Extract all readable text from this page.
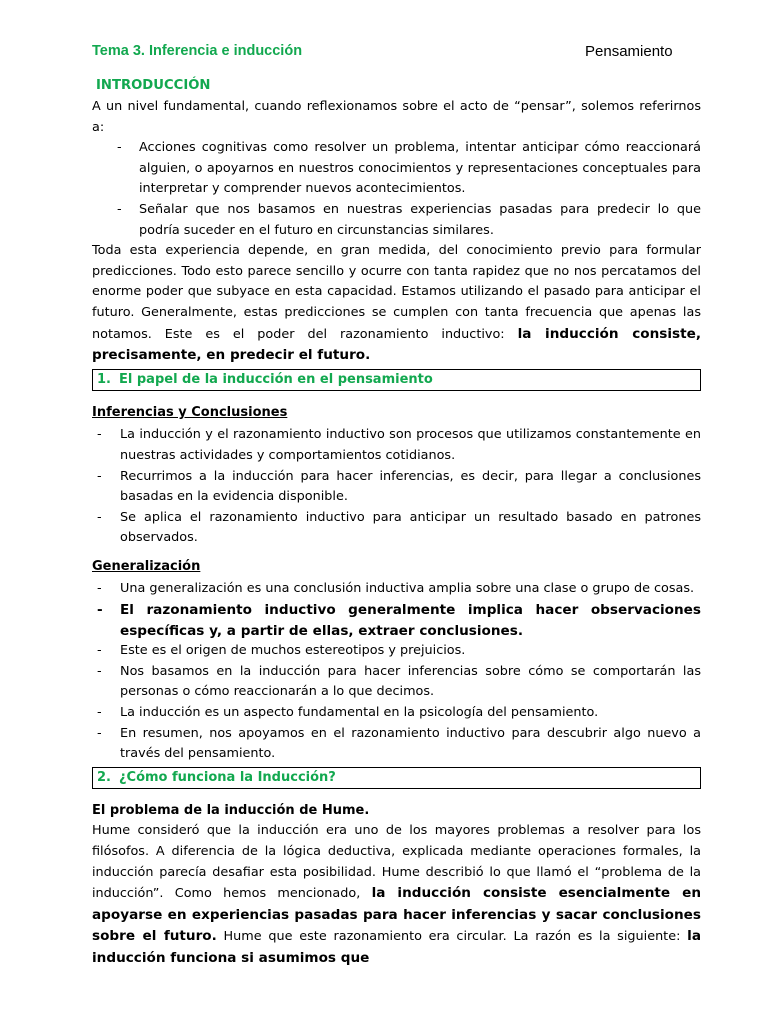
Tema 3. Inferencia e inducción	Pensamiento
INTRODUCCIÓN

A un nivel fundamental, cuando reflexionamos sobre el acto de “pensar”, solemos referirnos a:

- Acciones cognitivas como resolver un problema, intentar anticipar cómo reaccionará alguien, o apoyarnos en nuestros conocimientos y representaciones conceptuales para interpretar y comprender nuevos acontecimientos.
- Señalar que nos basamos en nuestras experiencias pasadas para predecir lo que podría suceder en el futuro en circunstancias similares.

Toda esta experiencia depende, en gran medida, del conocimiento previo para formular predicciones. Todo esto parece sencillo y ocurre con tanta rapidez que no nos percatamos del enorme poder que subyace en esta capacidad. Estamos utilizando el pasado para anticipar el futuro. Generalmente, estas predicciones se cumplen con tanta frecuencia que apenas las notamos. Este es el poder del razonamiento inductivo: la inducción consiste, precisamente, en predecir el futuro.

1. El papel de la inducción en el pensamiento
Inferencias y Conclusiones
- La inducción y el razonamiento inductivo son procesos que utilizamos constantemente en nuestras actividades y comportamientos cotidianos.
- Recurrimos a la inducción para hacer inferencias, es decir, para llegar a conclusiones basadas en la evidencia disponible.
- Se aplica el razonamiento inductivo para anticipar un resultado basado en patrones observados.
Generalización
- Una generalización es una conclusión inductiva amplia sobre una clase o grupo de cosas.
- El razonamiento inductivo generalmente implica hacer observaciones específicas y, a partir de ellas, extraer conclusiones.
- Este es el origen de muchos estereotipos y prejuicios.
- Nos basamos en la inducción para hacer inferencias sobre cómo se comportarán las personas o cómo reaccionarán a lo que decimos.
- La inducción es un aspecto fundamental en la psicología del pensamiento.
- En resumen, nos apoyamos en el razonamiento inductivo para descubrir algo nuevo a través del pensamiento.
2. ¿Cómo funciona la Inducción?
El problema de la inducción de Hume.

Hume consideró que la inducción era uno de los mayores problemas a resolver para los filósofos. A diferencia de la lógica deductiva, explicada mediante operaciones formales, la inducción parecía desafiar esta posibilidad. Hume describió lo que llamó el “problema de la inducción”. Como hemos mencionado, la inducción consiste esencialmente en apoyarse en experiencias pasadas para hacer inferencias y sacar conclusiones sobre el futuro. Hume que este razonamiento era circular. La razón es la siguiente: la inducción funciona si asumimos que
